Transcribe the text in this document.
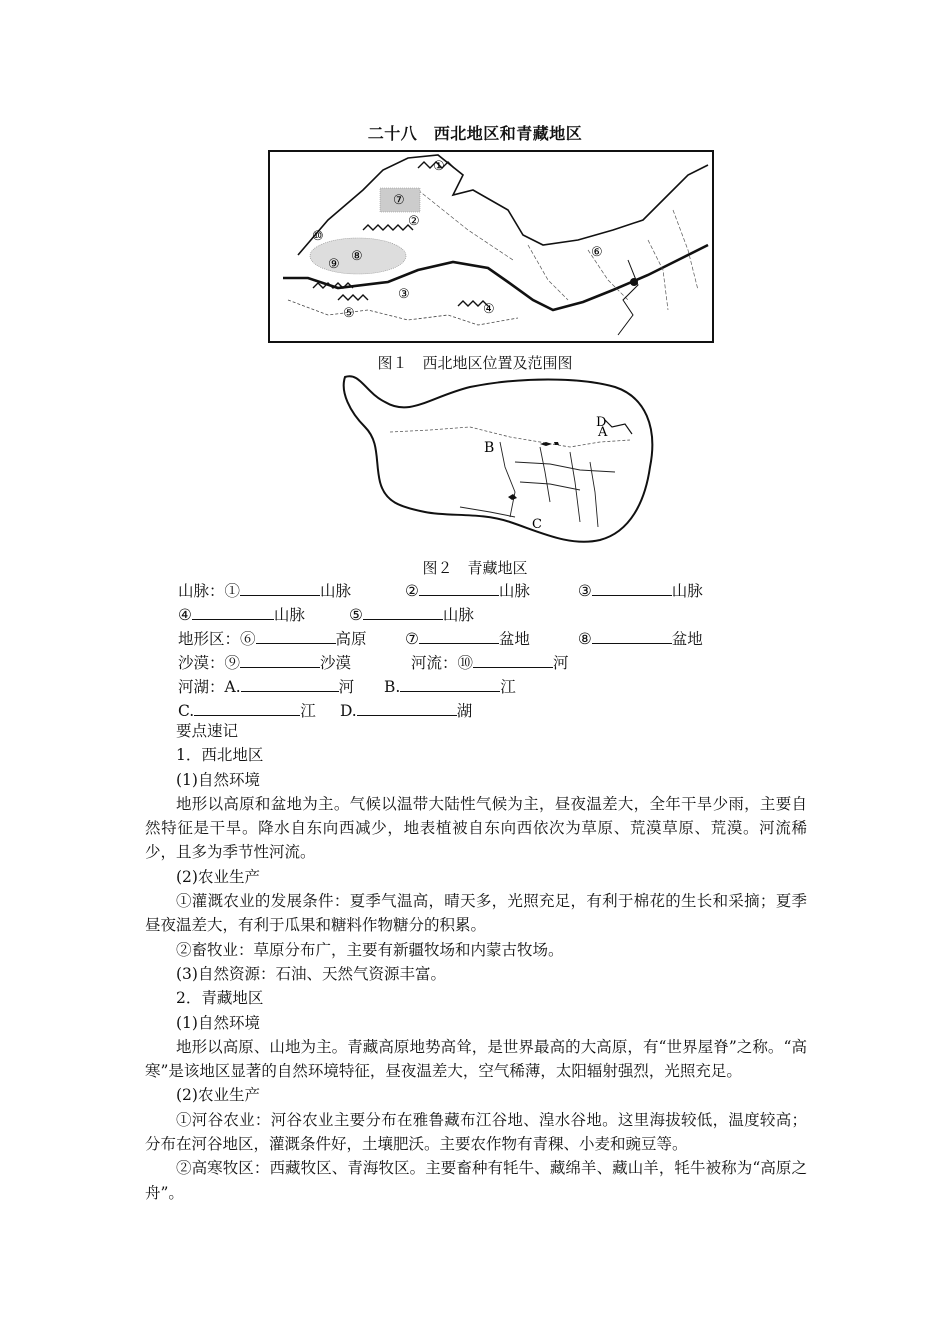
二十八　西北地区和青藏地区
①
②
③
④
⑤
⑥
⑦
⑧
⑨
⑩
图１　西北地区位置及范围图
D
A
B
C
图２　青藏地区
山脉：①	山脉	②	山脉	③	山脉
④	山脉	⑤	山脉
地形区：⑥	高原 ⑦	盆地	⑧	盆地
沙漠：⑨	沙漠	河流：⑩	河
河湖：A.	河 B.	江
C.	江 D.	湖

要点速记

1．西北地区

(1)自然环境

地形以高原和盆地为主。气候以温带大陆性气候为主，昼夜温差大，全年干旱少雨，主要自然特征是干旱。降水自东向西减少，地表植被自东向西依次为草原、荒漠草原、荒漠。河流稀少，且多为季节性河流。

(2)农业生产

①灌溉农业的发展条件：夏季气温高，晴天多，光照充足，有利于棉花的生长和采摘；夏季昼夜温差大，有利于瓜果和糖料作物糖分的积累。

②畜牧业：草原分布广，主要有新疆牧场和内蒙古牧场。

(3)自然资源：石油、天然气资源丰富。

2．青藏地区

(1)自然环境

地形以高原、山地为主。青藏高原地势高耸，是世界最高的大高原，有“世界屋脊”之称。“高寒”是该地区显著的自然环境特征，昼夜温差大，空气稀薄，太阳辐射强烈，光照充足。

(2)农业生产

①河谷农业：河谷农业主要分布在雅鲁藏布江谷地、湟水谷地。这里海拔较低，温度较高；分布在河谷地区，灌溉条件好，土壤肥沃。主要农作物有青稞、小麦和豌豆等。

②高寒牧区：西藏牧区、青海牧区。主要畜种有牦牛、藏绵羊、藏山羊，牦牛被称为“高原之舟”。
